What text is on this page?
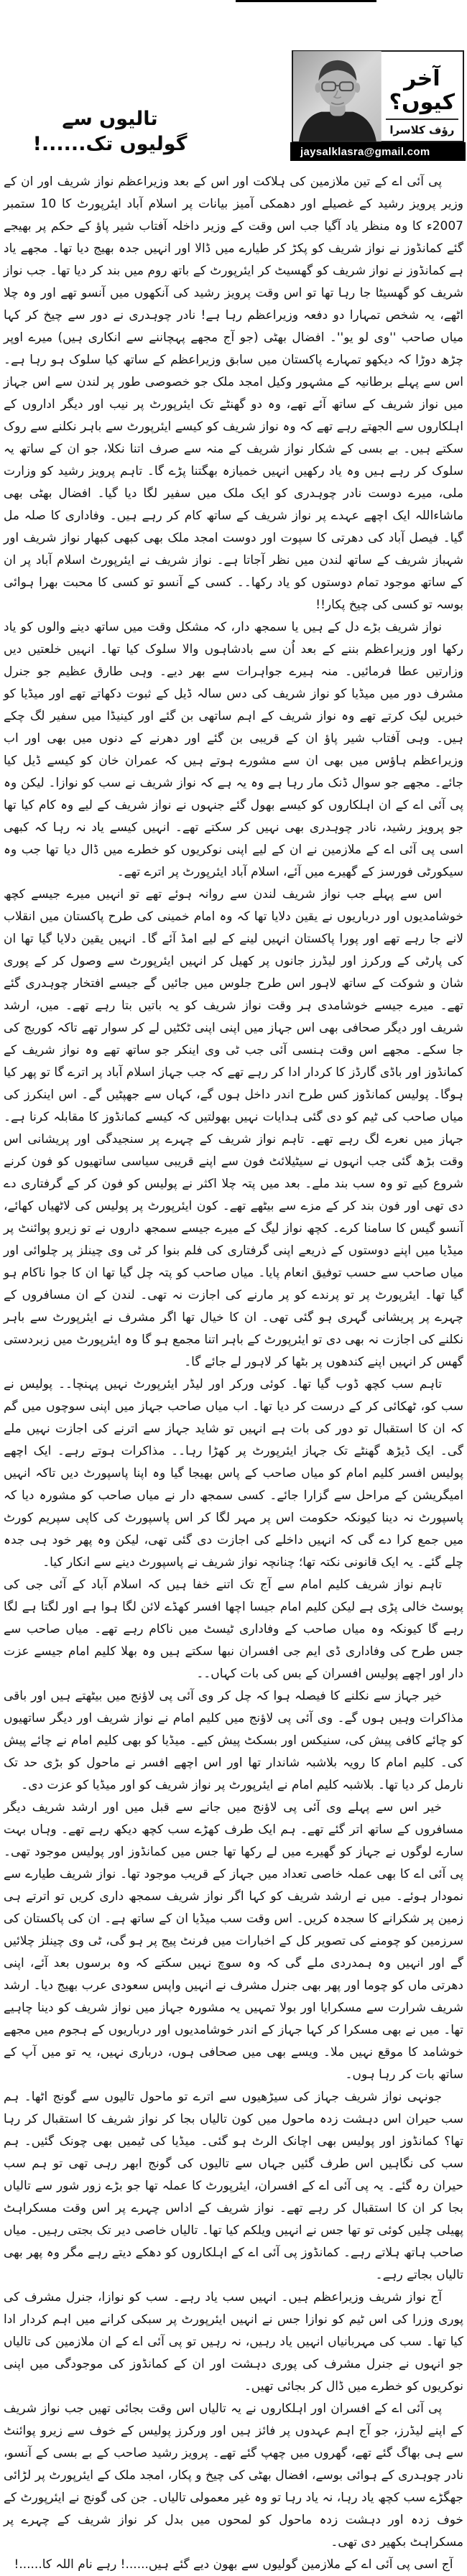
تالیوں سے گولیوں تک......!
آخر کیوں؟
رؤف کلاسرا
jaysalklasra@gmail.com

پی آئی اے کے تین ملازمین کی ہلاکت اور اس کے بعد وزیراعظم نواز شریف اور ان کے وزیر پرویز رشید کے غصیلے اور دھمکی آمیز بیانات پر اسلام آباد ایئرپورٹ کا 10 ستمبر 2007ء کا وہ منظر یاد آگیا جب اس وقت کے وزیر داخلہ آفتاب شیر پاؤ کے حکم پر بھیجے گئے کمانڈوز نے نواز شریف کو پکڑ کر طیارے میں ڈالا اور انہیں جدہ بھیج دیا تھا۔ مجھے یاد ہے کمانڈوز نے نواز شریف کو گھسیٹ کر ایئرپورٹ کے باتھ روم میں بند کر دیا تھا۔ جب نواز شریف کو گھسیٹا جا رہا تھا تو اس وقت پرویز رشید کی آنکھوں میں آنسو تھے اور وہ چلا اٹھے، یہ شخص تمہارا دو دفعہ وزیراعظم رہا ہے! نادر چوہدری نے دور سے چیخ کر کہا میاں صاحب ''وی لو یو''۔ افضال بھٹی (جو آج مجھے پہچاننے سے انکاری ہیں) میرے اوپر چڑھ دوڑا کہ دیکھو تمہارے پاکستان میں سابق وزیراعظم کے ساتھ کیا سلوک ہو رہا ہے۔ اس سے پہلے برطانیہ کے مشہور وکیل امجد ملک جو خصوصی طور پر لندن سے اس جہاز میں نواز شریف کے ساتھ آئے تھے، وہ دو گھنٹے تک ایئرپورٹ پر نیب اور دیگر اداروں کے اہلکاروں سے الجھتے رہے تھے کہ وہ نواز شریف کو کیسے ایئرپورٹ سے باہر نکلنے سے روک سکتے ہیں۔ بے بسی کے شکار نواز شریف کے منہ سے صرف اتنا نکلا، جو ان کے ساتھ یہ سلوک کر رہے ہیں وہ یاد رکھیں انہیں خمیازہ بھگتنا پڑے گا۔ تاہم پرویز رشید کو وزارت ملی، میرے دوست نادر چوہدری کو ایک ملک میں سفیر لگا دیا گیا۔ افضال بھٹی بھی ماشاءاللہ ایک اچھے عہدے پر نواز شریف کے ساتھ کام کر رہے ہیں۔ وفاداری کا صلہ مل گیا۔ فیصل آباد کی دھرتی کا سپوت اور دوست امجد ملک بھی کبھی کبھار نواز شریف اور شہباز شریف کے ساتھ لندن میں نظر آجاتا ہے۔ نواز شریف نے ایئرپورٹ اسلام آباد پر ان کے ساتھ موجود تمام دوستوں کو یاد رکھا۔۔ کسی کے آنسو تو کسی کا محبت بھرا ہوائی بوسہ تو کسی کی چیخ پکار!!

نواز شریف بڑے دل کے ہیں یا سمجھ دار، کہ مشکل وقت میں ساتھ دینے والوں کو یاد رکھا اور وزیراعظم بننے کے بعد اُن سے بادشاہوں والا سلوک کیا تھا۔ انہیں خلعتیں دیں وزارتیں عطا فرمائیں۔ منہ ہیرے جواہرات سے بھر دیے۔ وہی طارق عظیم جو جنرل مشرف دور میں میڈیا کو نواز شریف کی دس سالہ ڈیل کے ثبوت دکھاتے تھے اور میڈیا کو خبریں لیک کرتے تھے وہ نواز شریف کے اہم ساتھی بن گئے اور کینیڈا میں سفیر لگ چکے ہیں۔ وہی آفتاب شیر پاؤ ان کے قریبی بن گئے اور دھرنے کے دنوں میں بھی اور اب وزیراعظم ہاؤس میں بھی ان سے مشورے ہوتے ہیں کہ عمران خان کو کیسے ڈیل کیا جائے۔ مجھے جو سوال ڈنک مار رہا ہے وہ یہ ہے کہ نواز شریف نے سب کو نوازا۔ لیکن وہ پی آئی اے کے ان اہلکاروں کو کیسے بھول گئے جنہوں نے نواز شریف کے لیے وہ کام کیا تھا جو پرویز رشید، نادر چوہدری بھی نہیں کر سکتے تھے۔ انہیں کیسے یاد نہ رہا کہ کبھی اسی پی آئی اے کے ملازمین نے ان کے لیے اپنی نوکریوں کو خطرے میں ڈال دیا تھا جب وہ سیکورٹی فورسز کے گھیرے میں آئے، اسلام آباد ایئرپورٹ پر اترے تھے۔

اس سے پہلے جب نواز شریف لندن سے روانہ ہوئے تھے تو انہیں میرے جیسے کچھ خوشامدیوں اور درباریوں نے یقین دلایا تھا کہ وہ امام خمینی کی طرح پاکستان میں انقلاب لانے جا رہے تھے اور پورا پاکستان انہیں لینے کے لیے امڈ آئے گا۔ انہیں یقین دلایا گیا تھا ان کی پارٹی کے ورکرز اور لیڈرز جانوں پر کھیل کر انہیں ایئرپورٹ سے وصول کر کے پوری شان و شوکت کے ساتھ لاہور اس طرح جلوس میں جائیں گے جیسے افتخار چوہدری گئے تھے۔ میرے جیسے خوشامدی ہر وقت نواز شریف کو یہ باتیں بتا رہے تھے۔ میں، ارشد شریف اور دیگر صحافی بھی اس جہاز میں اپنی اپنی ٹکٹیں لے کر سوار تھے تاکہ کوریج کی جا سکے۔ مجھے اس وقت ہنسی آئی جب ٹی وی اینکر جو ساتھ تھے وہ نواز شریف کے کمانڈوز اور باڈی گارڈز کا کردار ادا کر رہے تھے کہ جب جہاز اسلام آباد پر اترے گا تو پھر کیا ہوگا۔ پولیس کمانڈوز کس طرح اندر داخل ہوں گے، کہاں سے جھپٹیں گے۔ اس اینکرز کی میاں صاحب کی ٹیم کو دی گئی ہدایات نہیں بھولتیں کہ کیسے کمانڈوز کا مقابلہ کرنا ہے۔ جہاز میں نعرے لگ رہے تھے۔ تاہم نواز شریف کے چہرے پر سنجیدگی اور پریشانی اس وقت بڑھ گئی جب انہوں نے سیٹیلائٹ فون سے اپنے قریبی سیاسی ساتھیوں کو فون کرنے شروع کیے تو وہ سب بند ملے۔ بعد میں پتہ چلا اکثر نے پولیس کو فون کر کے گرفتاری دے دی تھی اور فون بند کر کے مزے سے بیٹھے تھے۔ کون ایئرپورٹ پر پولیس کی لاٹھیاں کھائے، آنسو گیس کا سامنا کرے۔ کچھ نواز لیگ کے میرے جیسے سمجھ داروں نے تو زیرو پوائنٹ پر میڈیا میں اپنے دوستوں کے ذریعے اپنی گرفتاری کی فلم بنوا کر ٹی وی چینلز پر چلوائی اور میاں صاحب سے حسب توفیق انعام پایا۔ میاں صاحب کو پتہ چل گیا تھا ان کا جوا ناکام ہو گیا تھا۔ ایئرپورٹ پر تو پرندے کو پر مارنے کی اجازت نہ تھی۔ لندن کے ان مسافروں کے چہرے پر پریشانی گہری ہو گئی تھی۔ ان کا خیال تھا اگر مشرف نے ایئرپورٹ سے باہر نکلنے کی اجازت نہ بھی دی تو ایئرپورٹ کے باہر اتنا مجمع ہو گا وہ ایئرپورٹ میں زبردستی گھس کر انہیں اپنے کندھوں پر بٹھا کر لاہور لے جائے گا۔

تاہم سب کچھ ڈوب گیا تھا۔ کوئی ورکر اور لیڈر ایئرپورٹ نہیں پہنچا۔۔ پولیس نے سب کو، ٹھکائی کر کے درست کر دیا تھا۔ اب میاں صاحب جہاز میں اپنی سوچوں میں گم کہ ان کا استقبال تو دور کی بات ہے انہیں تو شاید جہاز سے اترنے کی اجازت نہیں ملے گی۔ ایک ڈیڑھ گھنٹے تک جہاز ایئرپورٹ پر کھڑا رہا۔۔ مذاکرات ہوتے رہے۔ ایک اچھے پولیس افسر کلیم امام کو میاں صاحب کے پاس بھیجا گیا وہ اپنا پاسپورٹ دیں تاکہ انہیں امیگریشن کے مراحل سے گزارا جائے۔ کسی سمجھ دار نے میاں صاحب کو مشورہ دیا کہ پاسپورٹ نہ دینا کیونکہ حکومت اس پر مہر لگا کر اس پاسپورٹ کی کاپی سپریم کورٹ میں جمع کرا دے گی کہ انہیں داخلے کی اجازت دی گئی تھی، لیکن وہ پھر خود ہی جدہ چلے گئے۔ یہ ایک قانونی نکتہ تھا؛ چنانچہ نواز شریف نے پاسپورٹ دینے سے انکار کیا۔

تاہم نواز شریف کلیم امام سے آج تک اتنے خفا ہیں کہ اسلام آباد کے آئی جی کی پوسٹ خالی پڑی ہے لیکن کلیم امام جیسا اچھا افسر کھڈے لائن لگا ہوا ہے اور لگتا ہے لگا رہے گا کیونکہ وہ میاں صاحب کے وفاداری ٹیسٹ میں ناکام رہے تھے۔ میاں صاحب سے جس طرح کی وفاداری ڈی ایم جی افسران نبھا سکتے ہیں وہ بھلا کلیم امام جیسے عزت دار اور اچھے پولیس افسران کے بس کی بات کہاں۔۔

خیر جہاز سے نکلنے کا فیصلہ ہوا کہ چل کر وی آئی پی لاؤنج میں بیٹھتے ہیں اور باقی مذاکرات وہیں ہوں گے۔ وی آئی پی لاؤنج میں کلیم امام نے نواز شریف اور دیگر ساتھیوں کو چائے کافی پیش کی، سنیکس اور بسکٹ پیش کیے۔ میڈیا کو بھی کلیم امام نے چائے پیش کی۔ کلیم امام کا رویہ بلاشبہ شاندار تھا اور اس اچھے افسر نے ماحول کو بڑی حد تک نارمل کر دیا تھا۔ بلاشبہ کلیم امام نے ایئرپورٹ پر نواز شریف کو اور میڈیا کو عزت دی۔

خیر اس سے پہلے وی آئی پی لاؤنج میں جانے سے قبل میں اور ارشد شریف دیگر مسافروں کے ساتھ اتر گئے تھے۔ ہم ایک طرف کھڑے سب کچھ دیکھ رہے تھے۔ وہاں بہت سارے لوگوں نے جہاز کو گھیرے میں لے رکھا تھا جس میں کمانڈوز اور پولیس موجود تھی۔ پی آئی اے کا بھی عملہ خاصی تعداد میں جہاز کے قریب موجود تھا۔ نواز شریف طیارے سے نمودار ہوئے۔ میں نے ارشد شریف کو کہا اگر نواز شریف سمجھ داری کریں تو اترتے ہی زمین پر شکرانے کا سجدہ کریں۔ اس وقت سب میڈیا ان کے ساتھ ہے۔ ان کی پاکستان کی سرزمین کو چومنے کی تصویر کل کے اخبارات میں فرنٹ پیج پر ہو گی، ٹی وی چینلز چلائیں گے اور انہیں وہ ہمدردی ملے گی کہ وہ سوچ نہیں سکتے کہ وہ برسوں بعد آئے، اپنی دھرتی ماں کو چوما اور پھر بھی جنرل مشرف نے انہیں واپس سعودی عرب بھیج دیا۔ ارشد شریف شرارت سے مسکرایا اور بولا تمہیں یہ مشورہ جہاز میں نواز شریف کو دینا چاہیے تھا۔ میں نے بھی مسکرا کر کہا جہاز کے اندر خوشامدیوں اور درباریوں کے ہجوم میں مجھے خوشامد کا موقع نہیں ملا۔ ویسے بھی میں صحافی ہوں، درباری نہیں، یہ تو میں آپ کے ساتھ بات کر رہا ہوں۔

جونہی نواز شریف جہاز کی سیڑھیوں سے اترے تو ماحول تالیوں سے گونج اٹھا۔ ہم سب حیران اس دہشت زدہ ماحول میں کون تالیاں بجا کر نواز شریف کا استقبال کر رہا تھا؟ کمانڈوز اور پولیس بھی اچانک الرٹ ہو گئی۔ میڈیا کی ٹیمیں بھی چونک گئیں۔ ہم سب کی نگاہیں اس طرف گئیں جہاں سے تالیوں کی گونج ابھر رہی تھی تو ہم سب حیران رہ گئے۔ یہ پی آئی اے کے افسران، ایئرپورٹ کا عملہ تھا جو بڑے زور شور سے تالیاں بجا کر ان کا استقبال کر رہے تھے۔ نواز شریف کے اداس چہرے پر اس وقت مسکراہٹ پھیلی چلیں کوئی تو تھا جس نے انہیں ویلکم کیا تھا۔ تالیاں خاصی دیر تک بجتی رہیں۔ میاں صاحب ہاتھ ہلاتے رہے۔ کمانڈوز پی آئی اے کے اہلکاروں کو دھکے دیتے رہے مگر وہ پھر بھی تالیاں بجاتے رہے۔

آج نواز شریف وزیراعظم ہیں۔ انہیں سب یاد رہے۔ سب کو نوازا، جنرل مشرف کی پوری وزرا کی اس ٹیم کو نوازا جس نے انہیں ایئرپورٹ پر سبکی کرانے میں اہم کردار ادا کیا تھا۔ سب کی مہربانیاں انہیں یاد رہیں، نہ رہیں تو پی آئی اے کے ان ملازمین کی تالیاں جو انہوں نے جنرل مشرف کی پوری دہشت اور ان کے کمانڈوز کی موجودگی میں اپنی نوکریوں کو خطرے میں ڈال کر بجائی تھیں۔

پی آئی اے کے افسران اور اہلکاروں نے یہ تالیاں اس وقت بجائی تھیں جب نواز شریف کے اپنے لیڈرز، جو آج اہم عہدوں پر فائز ہیں اور ورکرز پولیس کے خوف سے زیرو پوائنٹ سے ہی بھاگ گئے تھے، گھروں میں چھپ گئے تھے۔ پرویز رشید صاحب کے بے بسی کے آنسو، نادر چوہدری کے ہوائی بوسے، افضال بھٹی کی چیخ و پکار، امجد ملک کے ایئرپورٹ پر لڑائی جھگڑے سب کچھ یاد رہا، نہ یاد رہا تو وہ غیر معمولی تالیاں۔ جن کی گونج نے ایئرپورٹ کے خوف زدہ اور دہشت زدہ ماحول کو لمحوں میں بدل کر نواز شریف کے چہرے پر مسکراہٹ بکھیر دی تھی۔

آج اسی پی آئی اے کے ملازمین گولیوں سے بھون دیے گئے ہیں......! رہے نام اللہ کا......!
